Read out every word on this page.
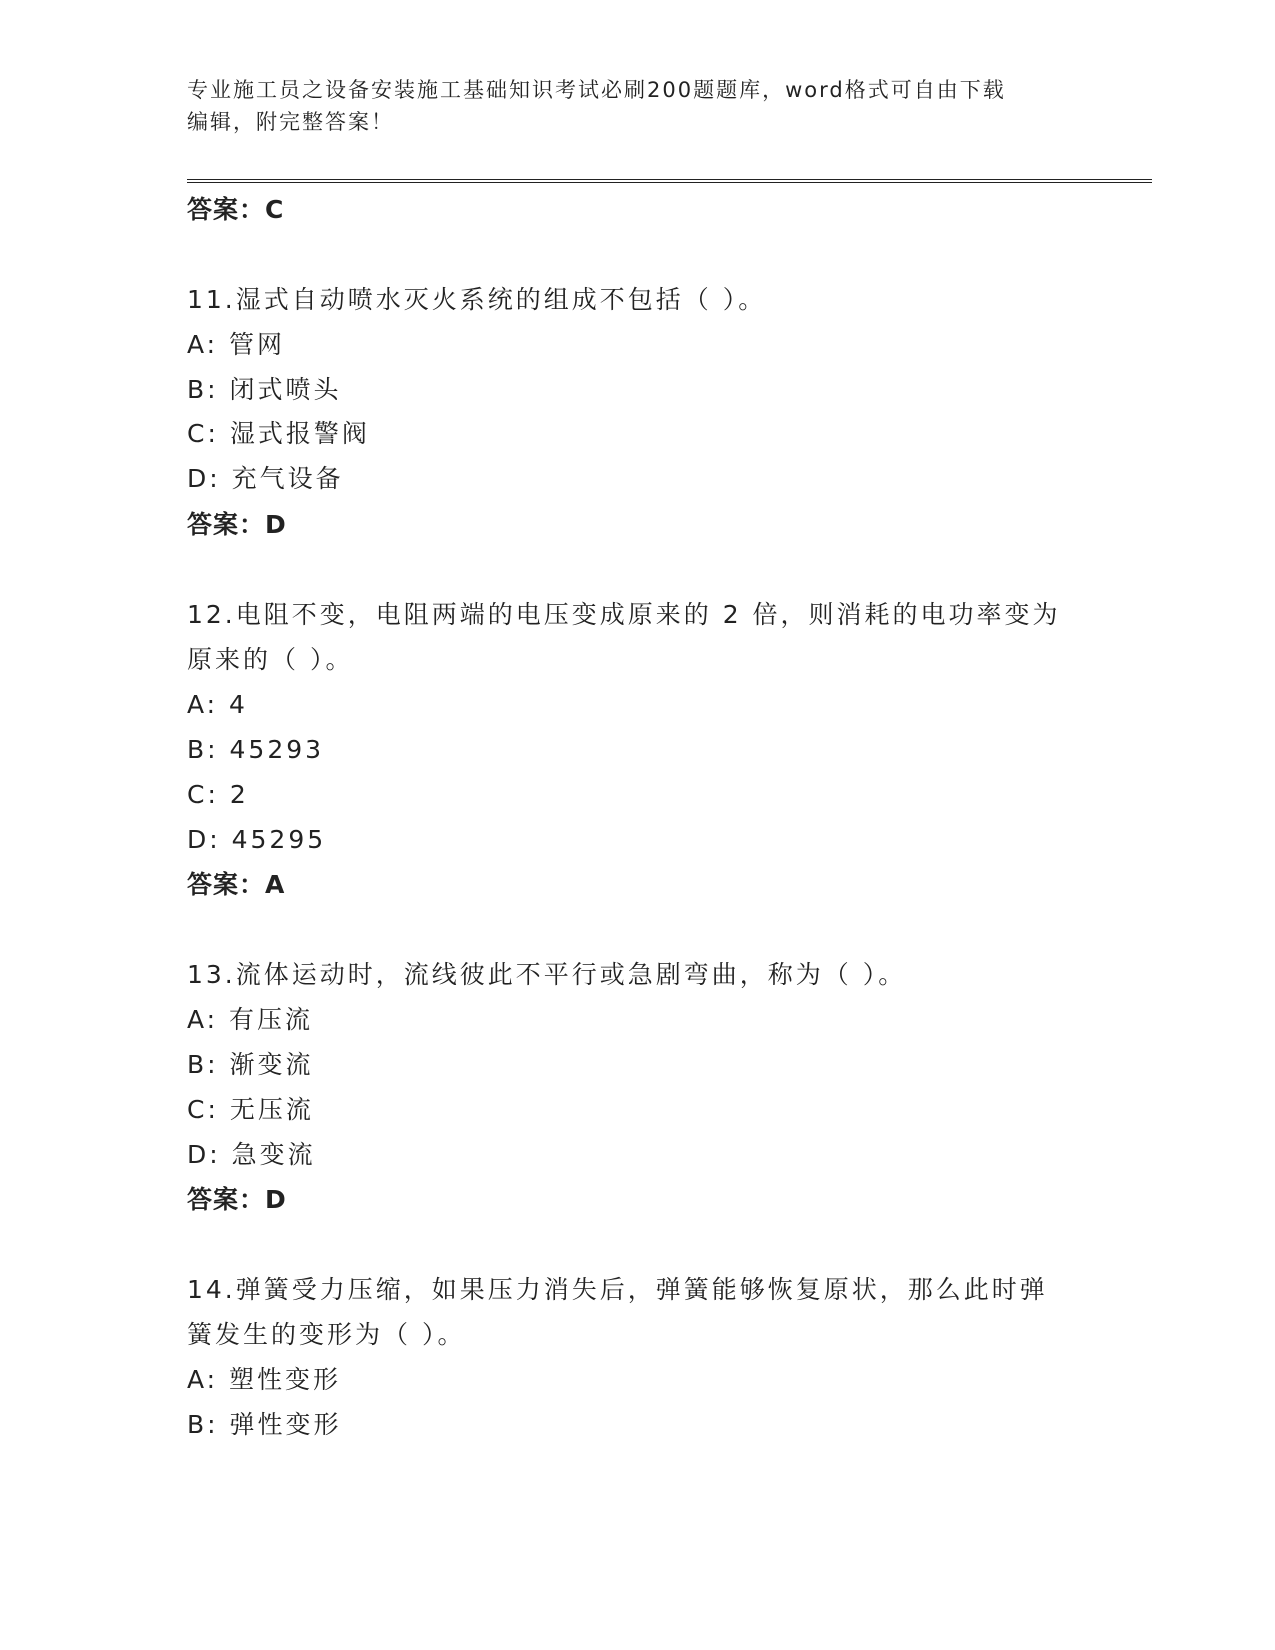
专业施工员之设备安装施工基础知识考试必刷200题题库，word格式可自由下载
编辑，附完整答案！
答案：C
11.湿式自动喷水灭火系统的组成不包括（ ）。
A: 管网
B: 闭式喷头
C: 湿式报警阀
D: 充气设备
答案：D
12.电阻不变，电阻两端的电压变成原来的 2 倍，则消耗的电功率变为
原来的（ ）。
A: 4
B: 45293
C: 2
D: 45295
答案：A
13.流体运动时，流线彼此不平行或急剧弯曲，称为（ ）。
A: 有压流
B: 渐变流
C: 无压流
D: 急变流
答案：D
14.弹簧受力压缩，如果压力消失后，弹簧能够恢复原状，那么此时弹
簧发生的变形为（ ）。
A: 塑性变形
B: 弹性变形
